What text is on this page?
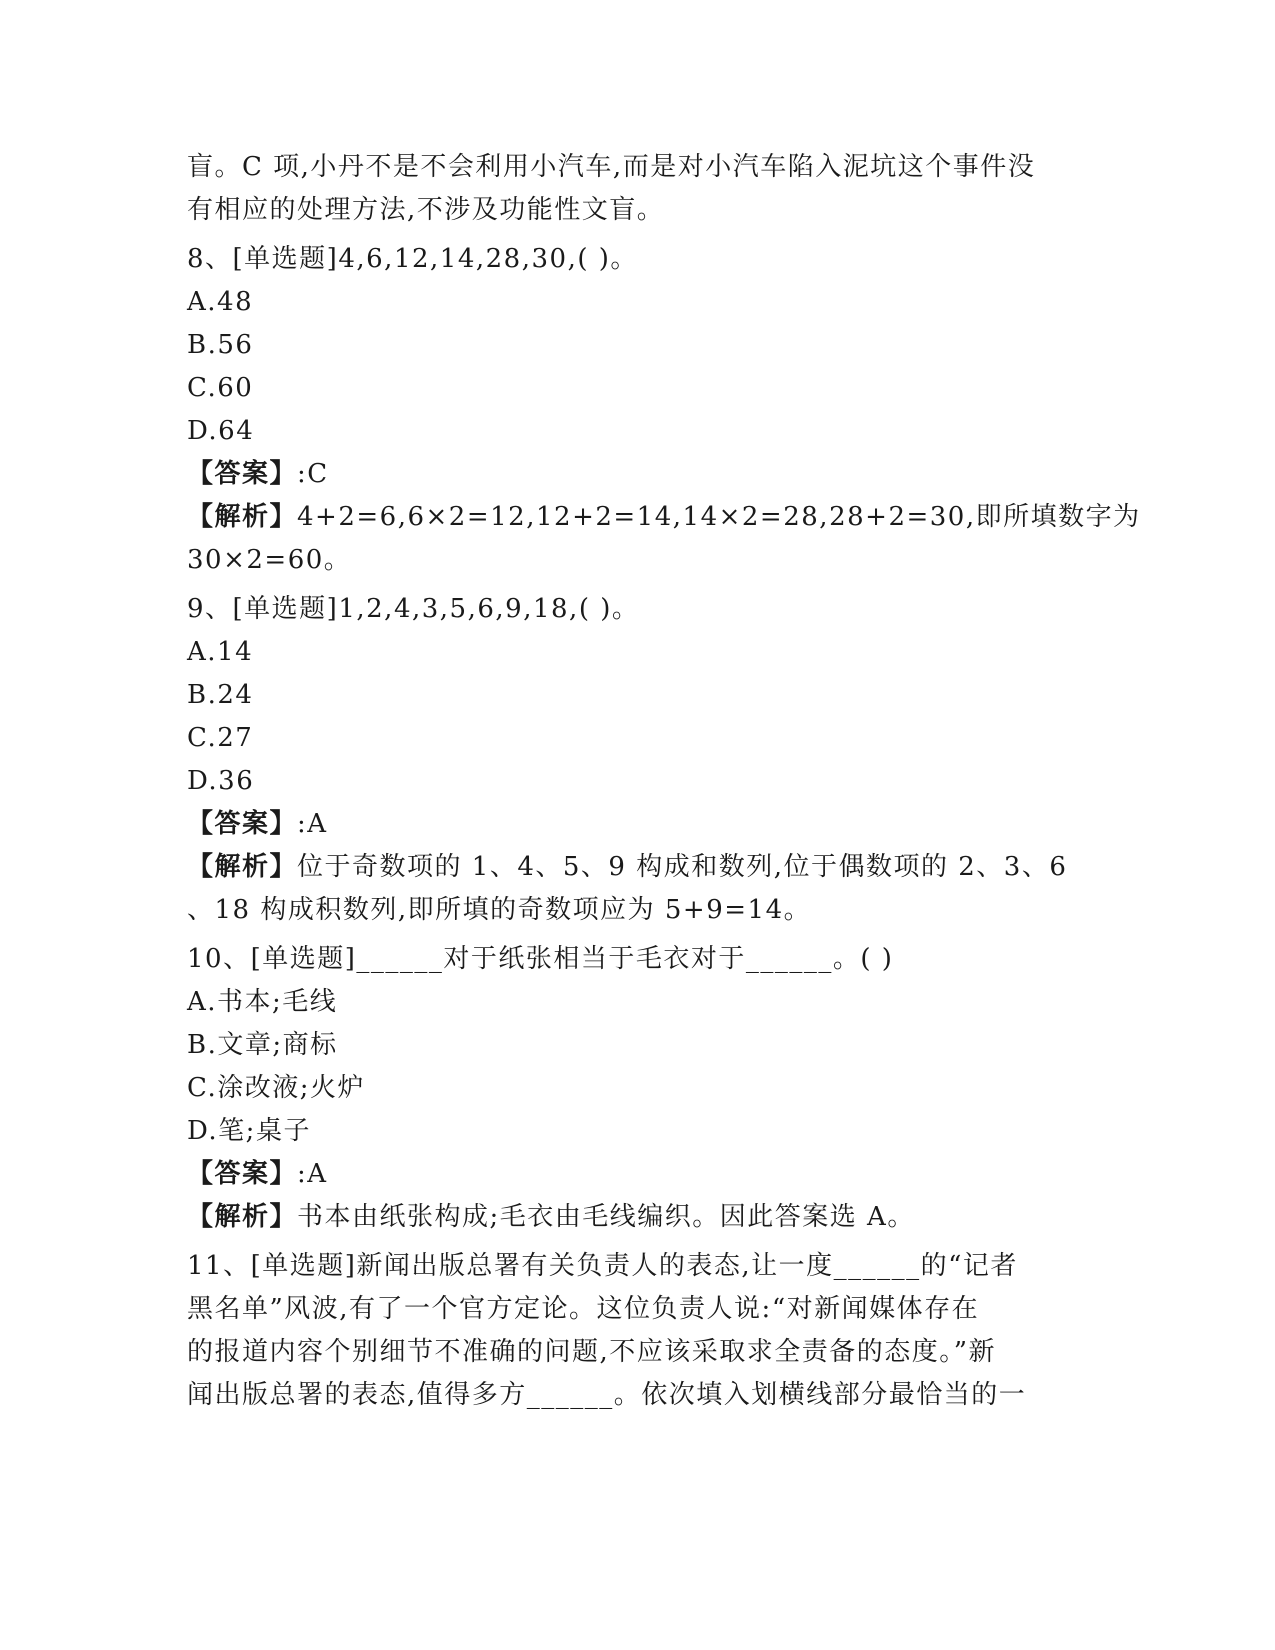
盲。C 项,小丹不是不会利用小汽车,而是对小汽车陷入泥坑这个事件没
有相应的处理方法,不涉及功能性文盲。
8、[单选题]4,6,12,14,28,30,( )。
A.48
B.56
C.60
D.64
【答案】:C
【解析】4+2=6,6×2=12,12+2=14,14×2=28,28+2=30,即所填数字为
30×2=60。
9、[单选题]1,2,4,3,5,6,9,18,( )。
A.14
B.24
C.27
D.36
【答案】:A
【解析】位于奇数项的 1、4、5、9 构成和数列,位于偶数项的 2、3、6
、18 构成积数列,即所填的奇数项应为 5+9=14。
10、[单选题]______对于纸张相当于毛衣对于______。( )
A.书本;毛线
B.文章;商标
C.涂改液;火炉
D.笔;桌子
【答案】:A
【解析】书本由纸张构成;毛衣由毛线编织。因此答案选 A。
11、[单选题]新闻出版总署有关负责人的表态,让一度______的“记者
黑名单”风波,有了一个官方定论。这位负责人说:“对新闻媒体存在
的报道内容个别细节不准确的问题,不应该采取求全责备的态度。”新
闻出版总署的表态,值得多方______。依次填入划横线部分最恰当的一
